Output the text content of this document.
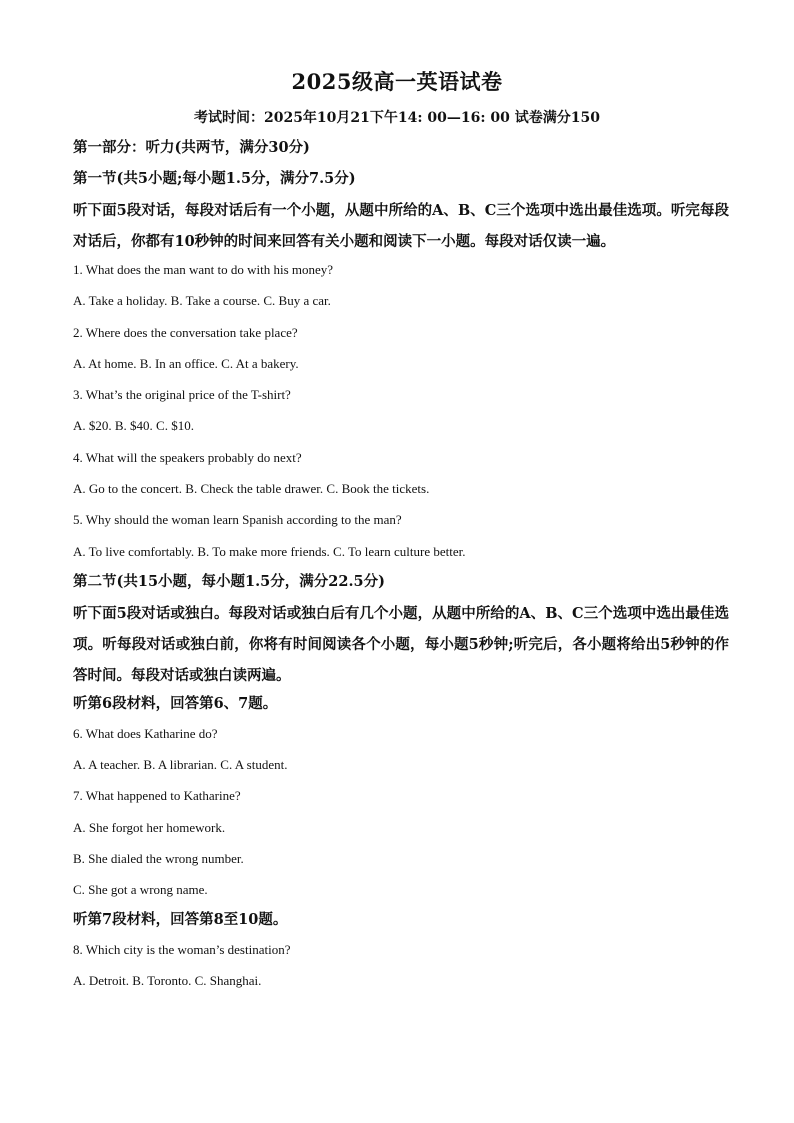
2025级高一英语试卷
考试时间：2025年10月21下午14: 00—16: 00 试卷满分150
第一部分：听力(共两节，满分30分)
第一节(共5小题;每小题1.5分，满分7.5分)
听下面5段对话，每段对话后有一个小题，从题中所给的A、B、C三个选项中选出最佳选项。听完每段对话后，你都有10秒钟的时间来回答有关小题和阅读下一小题。每段对话仅读一遍。
1. What does the man want to do with his money?
A. Take a holiday. B. Take a course. C. Buy a car.
2. Where does the conversation take place?
A. At home. B. In an office. C. At a bakery.
3. What’s the original price of the T-shirt?
A. $20. B. $40. C. $10.
4. What will the speakers probably do next?
A. Go to the concert. B. Check the table drawer. C. Book the tickets.
5. Why should the woman learn Spanish according to the man?
A. To live comfortably. B. To make more friends. C. To learn culture better.
第二节(共15小题，每小题1.5分，满分22.5分)
听下面5段对话或独白。每段对话或独白后有几个小题，从题中所给的A、B、C三个选项中选出最佳选项。听每段对话或独白前，你将有时间阅读各个小题，每小题5秒钟;听完后，各小题将给出5秒钟的作答时间。每段对话或独白读两遍。
听第6段材料，回答第6、7题。
6. What does Katharine do?
A. A teacher. B. A librarian. C. A student.
7. What happened to Katharine?
A. She forgot her homework.
B. She dialed the wrong number.
C. She got a wrong name.
听第7段材料，回答第8至10题。
8. Which city is the woman’s destination?
A. Detroit. B. Toronto. C. Shanghai.
